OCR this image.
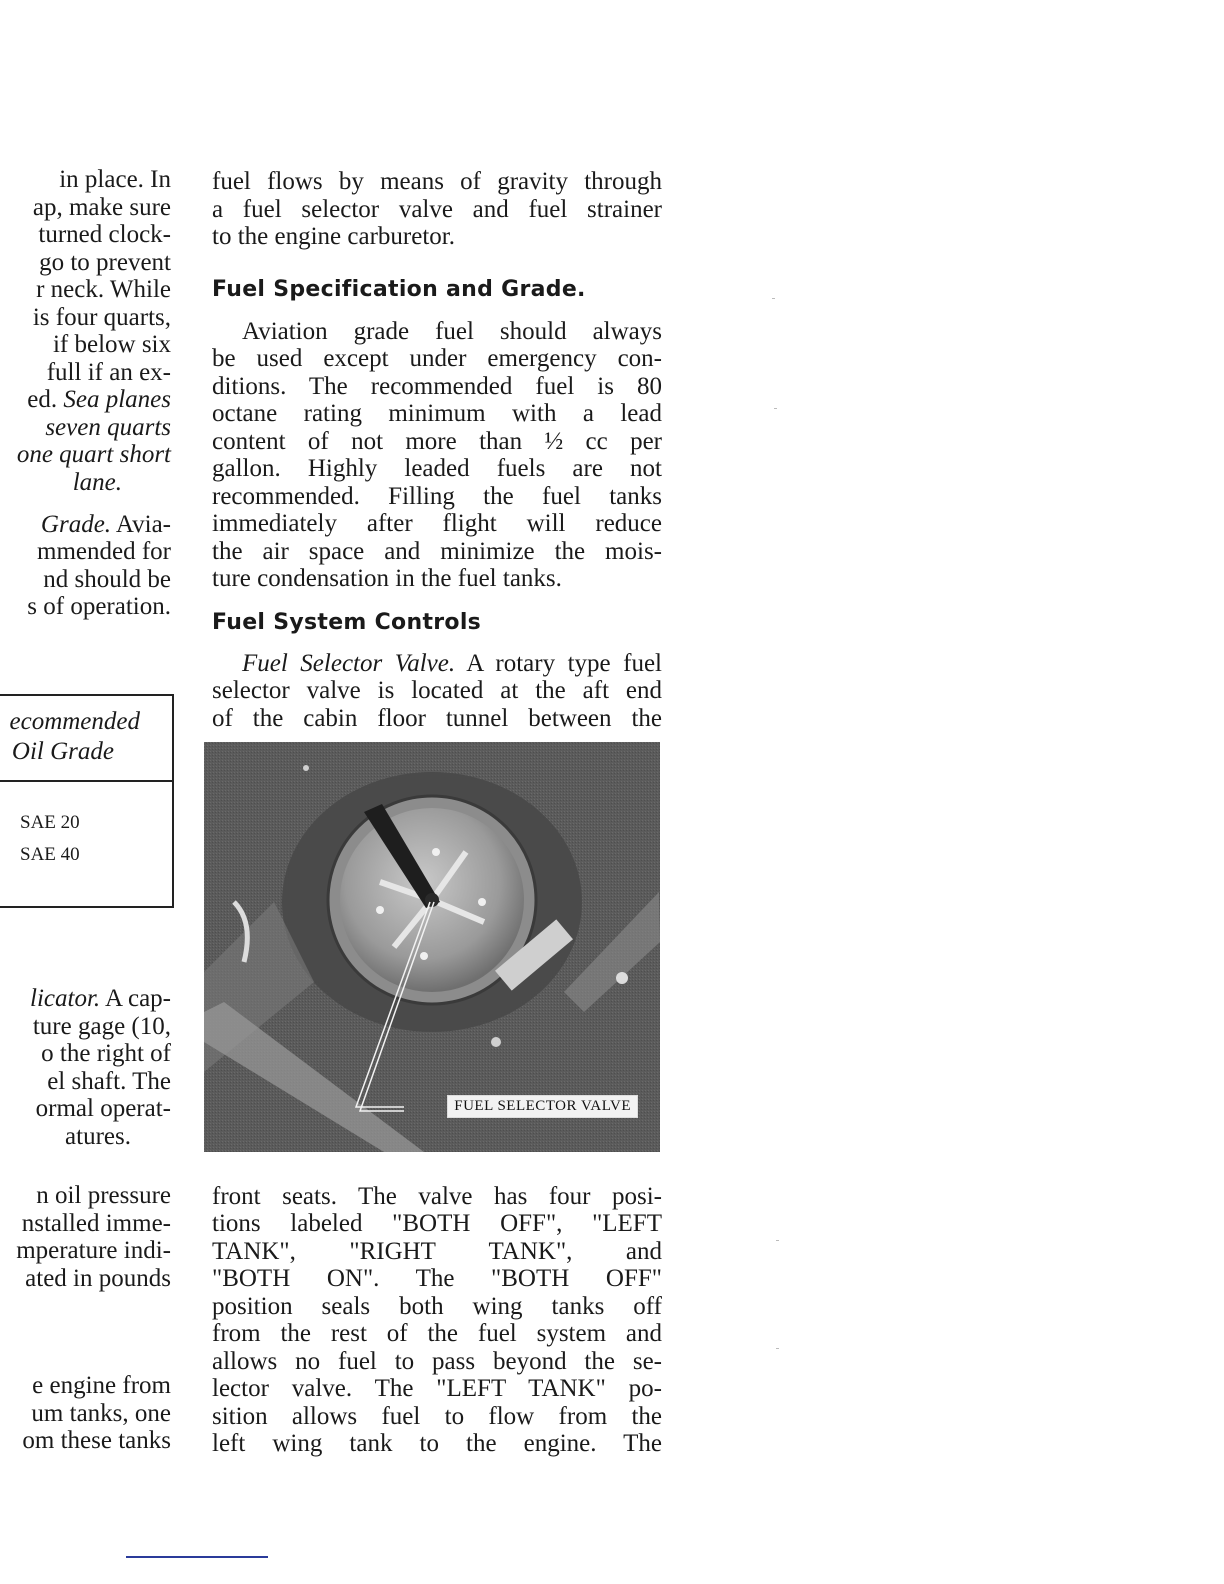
in place. In
ap, make sure
turned clock-
go to prevent
r neck. While
is four quarts,
if below six
full if an ex-
ed. Sea planes
seven quarts
one quart short
lane.
Grade. Avia-
mmended for
nd should be
s of operation.
ecommended
Oil Grade
SAE 20
SAE 40
licator. A cap-
ture gage (10,
o the right of
el shaft. The
ormal operat-
atures.
n oil pressure
nstalled imme-
mperature indi-
ated in pounds
e engine from
um tanks, one
om these tanks
fuel flows by means of gravity through
a fuel selector valve and fuel strainer
to the engine carburetor.
Fuel Specification and Grade.
Aviation grade fuel should always
be used except under emergency con-
ditions. The recommended fuel is 80
octane rating minimum with a lead
content of not more than ½ cc per
gallon. Highly leaded fuels are not
recommended. Filling the fuel tanks
immediately after flight will reduce
the air space and minimize the mois-
ture condensation in the fuel tanks.
Fuel System Controls
Fuel Selector Valve. A rotary type fuel
selector valve is located at the aft end
of the cabin floor tunnel between the
FUEL SELECTOR VALVE
front seats. The valve has four posi-
tions labeled "BOTH OFF", "LEFT
TANK", "RIGHT TANK", and
"BOTH ON". The "BOTH OFF"
position seals both wing tanks off
from the rest of the fuel system and
allows no fuel to pass beyond the se-
lector valve. The "LEFT TANK" po-
sition allows fuel to flow from the
left wing tank to the engine. The
